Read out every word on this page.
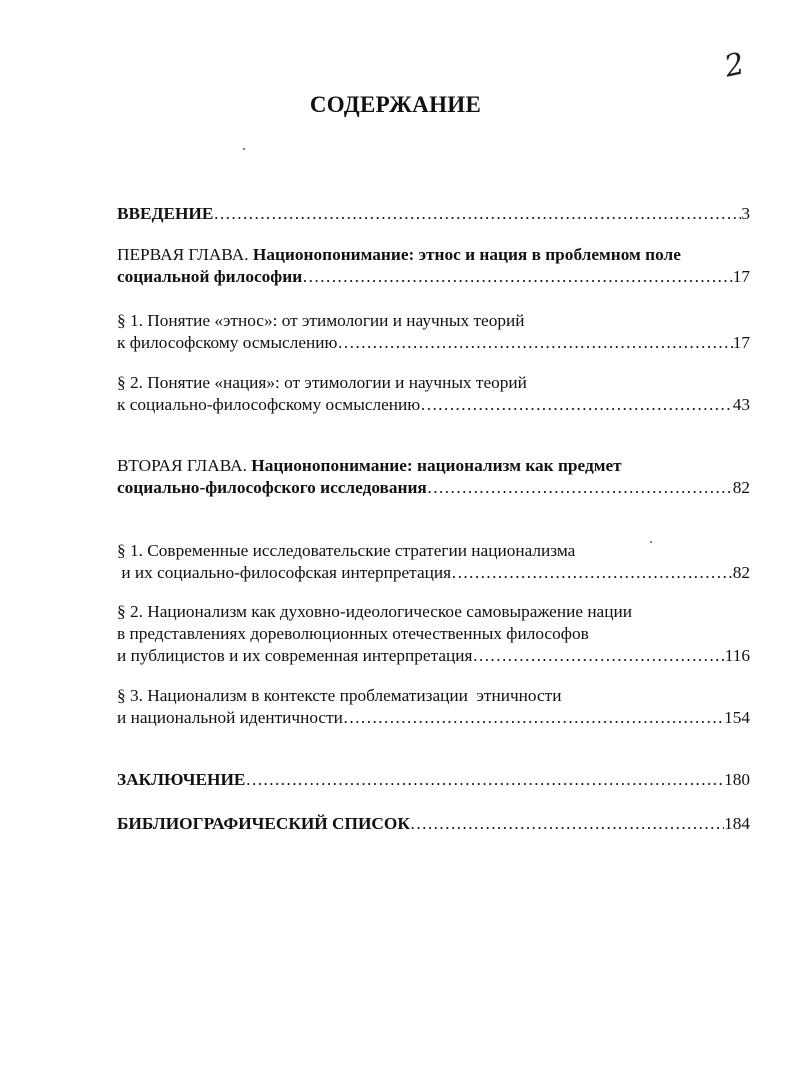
2
СОДЕРЖАНИЕ
ВВЕДЕНИЕ ………………………………………………………………………………………………………………………………………………………………………………	3
ПЕРВАЯ ГЛАВА.
Национопонимание: этнос и нация в проблемном поле
социальной философии ………………………………………………………………………………………………………………………………………………………………………………	17
§ 1. Понятие «этнос»: от этимологии и научных теорий
к философскому осмыслению ………………………………………………………………………………………………………………………………………………………………………………	17
§ 2. Понятие «нация»: от этимологии и научных теорий
к социально-философскому осмыслению ………………………………………………………………………………………………………………………………………………………………………………	43
ВТОРАЯ ГЛАВА.
Национопонимание: национализм как предмет
социально-философского исследования ………………………………………………………………………………………………………………………………………………………………………………	82
§ 1. Современные исследовательские стратегии национализма
и их социально-философская интерпретация ………………………………………………………………………………………………………………………………………………………………………………	82
§ 2. Национализм как духовно-идеологическое самовыражение нации
в представлениях дореволюционных отечественных философов
и публицистов и их современная интерпретация ………………………………………………………………………………………………………………………………………………………………………………	116
§ 3. Национализм в контексте проблематизации  этничности
и национальной идентичности ………………………………………………………………………………………………………………………………………………………………………………	154
ЗАКЛЮЧЕНИЕ ………………………………………………………………………………………………………………………………………………………………………………	180
БИБЛИОГРАФИЧЕСКИЙ СПИСОК ………………………………………………………………………………………………………………………………………………………………………………	184
